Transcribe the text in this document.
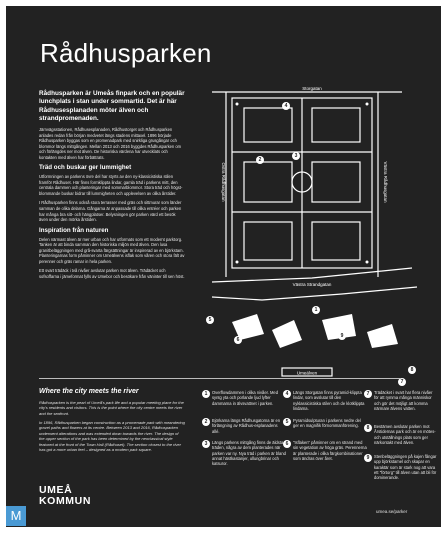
Rådhusparken
Rådhusparken är Umeås finpark och en populär lunchplats i stan under sommartid. Det är här Rådhusesplanaden möter älven och strandpromenaden.
Järnvägsstationen, Rådhusesplanaden, Rådhustorget och Rådhusparken anlades redan från början medvetet längs stadens mittaxel. 1896 började Rådhusparken byggas som en promenadpark med snirkliga grusgångar och blommor längs mittgången. Mellan 2013 och 2016 byggdes Rådhusparken om och förlängdes ner mot älven. De historiska värdena har utvecklats och kontakten med älven har förbättrats.
Träd och buskar ger lummighet
Utformningen av parkens övre del har styrts av den ny-klassicistiska stilen framför Rådhuset. Här finns formklippta lindar, gamla träd i parkens mitt, den centrala dammen och planteringar med sommarblommor. Stora träd och högst-blommande buskar bidrar till lummigheten och upplevelsen av olika årstider.
I Rådhusparken finns också stora terrasser med gräs och sittmurar som länder samman de olika delarna. Gångarna är anpassade till olika entréer och parken har många bra sitt- och hängplatser. Belysningen gör parken värd ett besök även under den mörka årstiden.
Inspiration från naturen
Delen närmast älven är mer urban och har utformats som ett modernt parktorg. Tanken är att binda samman den historiska miljön med älven. Den lusa granitbeläggningen med grå-svarta färgsättningar är inspirerad av en björkstam. Planteringarnas form påminner om Umeälvens isflak som våren och stora fält av perenner och gräs ramar in hela parken.
Ett svart trädäck i två nivåer avslutar parken mot älven. Trädäcket och sofsoffarna i jämeformat fylls av Umebor och besökare från väninter till sen höst.
Storgatan
Östra Rådhusgatan	Västra Rådhusgatan
Västra Strandgatan
Umeälven
4
2
3
5
6
9
7
8
1
Where the city meets the river
Rådhusparken is the pearl of Umeå's park life and a popular meeting place for the city's residents and visitors. This is the point where the city centre meets the river and the seafront.
In 1896, Rådhusparken began construction as a promenade park with meandering gravel paths and flowers at its centre. Between 2013 and 2016, Rådhusparken underwent alterations and was extended down towards the river. The design of the upper section of the park has been determined by the neoclassical style featured at the front of the Town Hall (Rådhuset). The section closest to the river has got a more urban feel – designed as a modern park square.
1	Overflowdammen i olika nivåer. Med syntg yta och porlande ljud lyfter dammarna in älvsvattnet i parken.
2	Björkarna längs Rådhusgatorna är en förlängning av Rådhus-esplanadens allé.
3	Längs parkens mittgång finns de äldsta träden, några av dem planterades när parken var ny. Nya träd i parken är bland annat hästkastanjer, ullungbrinar och katsuror.
4	Längs Storgatan finns pyramid-klippta lindar, som avslutar till den nyklassicistiska stilen och de klotklippta lindarna.
5	Pyramidsulpturan i parkens nedre del ger en magnifik förnommanförening.
6	"Isflaken" påminner om en strand med sin vegetation av höga gräs. Perennerna är planterade i olika färgkombinationer som ändras över året.
7	Trädäcket i svart har flera nivåer för att rymma många människor och gör det möjligt att komma närmare älvens vatten.
8	Bestämen avslutar parken mot Årstidernas park och är en mötes- och utställnings plats som ger närkontakt med älven.
9	Stenbeläggningen på kajen fångar upp björkstamel och skapar en karaktär som är stark nog att vara ett "förtorg" till älven utan att bli för dominerande.
UMEÅ
KOMMUN
umea.se/parker
M
